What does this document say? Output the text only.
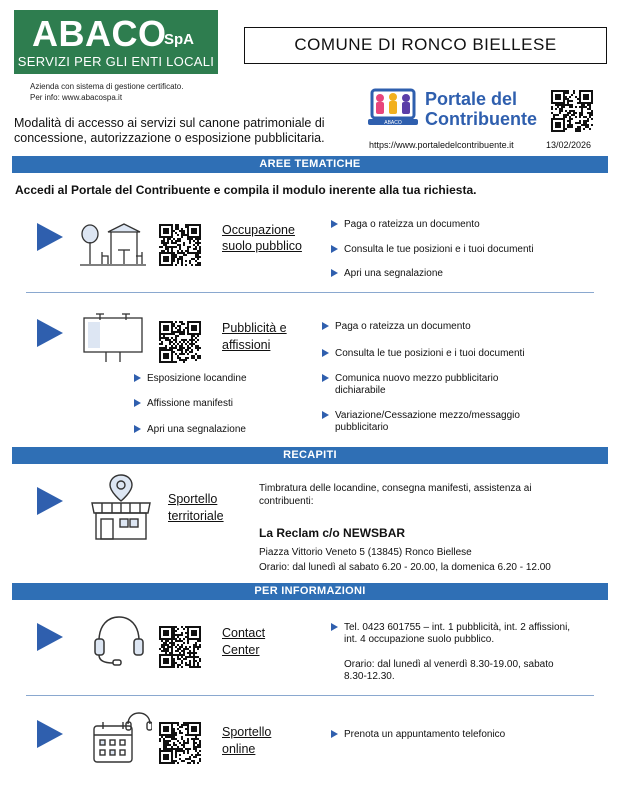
ABACO
SpA
SERVIZI PER GLI ENTI LOCALI
Azienda con sistema di gestione certificato.
Per info: www.abacospa.it
COMUNE DI RONCO BIELLESE
Modalità di accesso ai servizi sul canone patrimoniale di concessione, autorizzazione o esposizione pubblicitaria.
ABACO
Portale del
Contribuente
https://www.portaledelcontribuente.it	13/02/2026
AREE TEMATICHE
Accedi al Portale del Contribuente e compila il modulo inerente alla tua richiesta.
Occupazione
suolo pubblico
Paga o rateizza un documento
Consulta le tue posizioni e i tuoi documenti
Apri una segnalazione
Pubblicità e
affissioni
Paga o rateizza un documento
Consulta le tue posizioni e i tuoi documenti
Comunica nuovo mezzo pubblicitario dichiarabile
Variazione/Cessazione mezzo/messaggio pubblicitario
Esposizione locandine
Affissione manifesti
Apri una segnalazione
RECAPITI
Sportello
territoriale
Timbratura delle locandine, consegna manifesti, assistenza ai contribuenti:
La Reclam c/o NEWSBAR
Piazza Vittorio Veneto 5 (13845) Ronco Biellese
Orario: dal lunedì al sabato 6.20 - 20.00, la domenica 6.20 - 12.00
PER INFORMAZIONI
Contact
Center
Tel. 0423 601755 – int. 1 pubblicità, int. 2 affissioni, int. 4 occupazione suolo pubblico.
Orario: dal lunedì al venerdì 8.30-19.00, sabato 8.30-12.30.
Sportello
online
Prenota un appuntamento telefonico
